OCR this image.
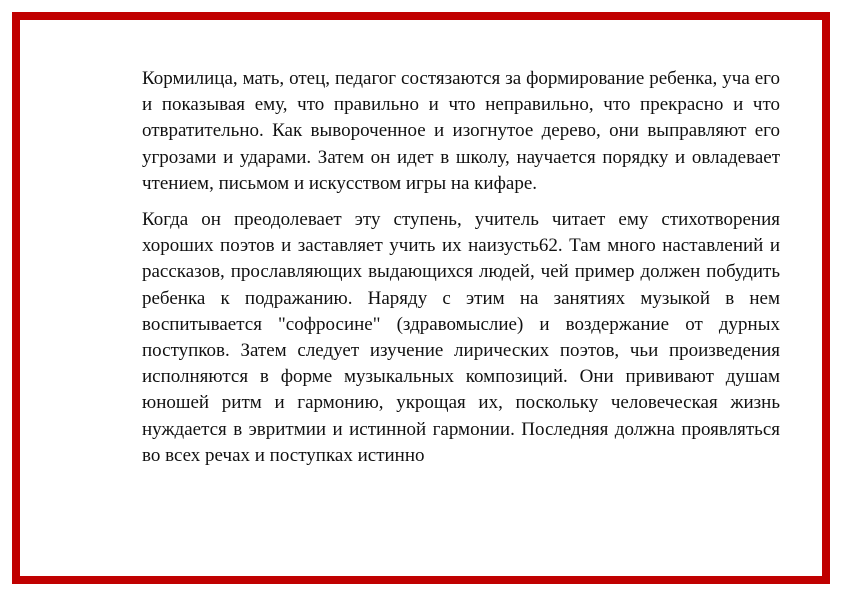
Кормилица, мать, отец, педагог состязаются за формирование ребенка, уча его и показывая ему, что правильно и что неправильно, что прекрасно и что отвратительно. Как вывороченное и изогнутое дерево, они выправляют его угрозами и ударами. Затем он идет в школу, научается порядку и овладевает чтением, письмом и искусством игры на кифаре.

Когда он преодолевает эту ступень, учитель читает ему стихотворения хороших поэтов и заставляет учить их наизусть62. Там много наставлений и рассказов, прославляющих выдающихся людей, чей пример должен побудить ребенка к подражанию. Наряду с этим на занятиях музыкой в нем воспитывается "софросине" (здравомыслие) и воздержание от дурных поступков. Затем следует изучение лирических поэтов, чьи произведения исполняются в форме музыкальных композиций. Они прививают душам юношей ритм и гармонию, укрощая их, поскольку человеческая жизнь нуждается в эвритмии и истинной гармонии. Последняя должна проявляться во всех речах и поступках истинно
